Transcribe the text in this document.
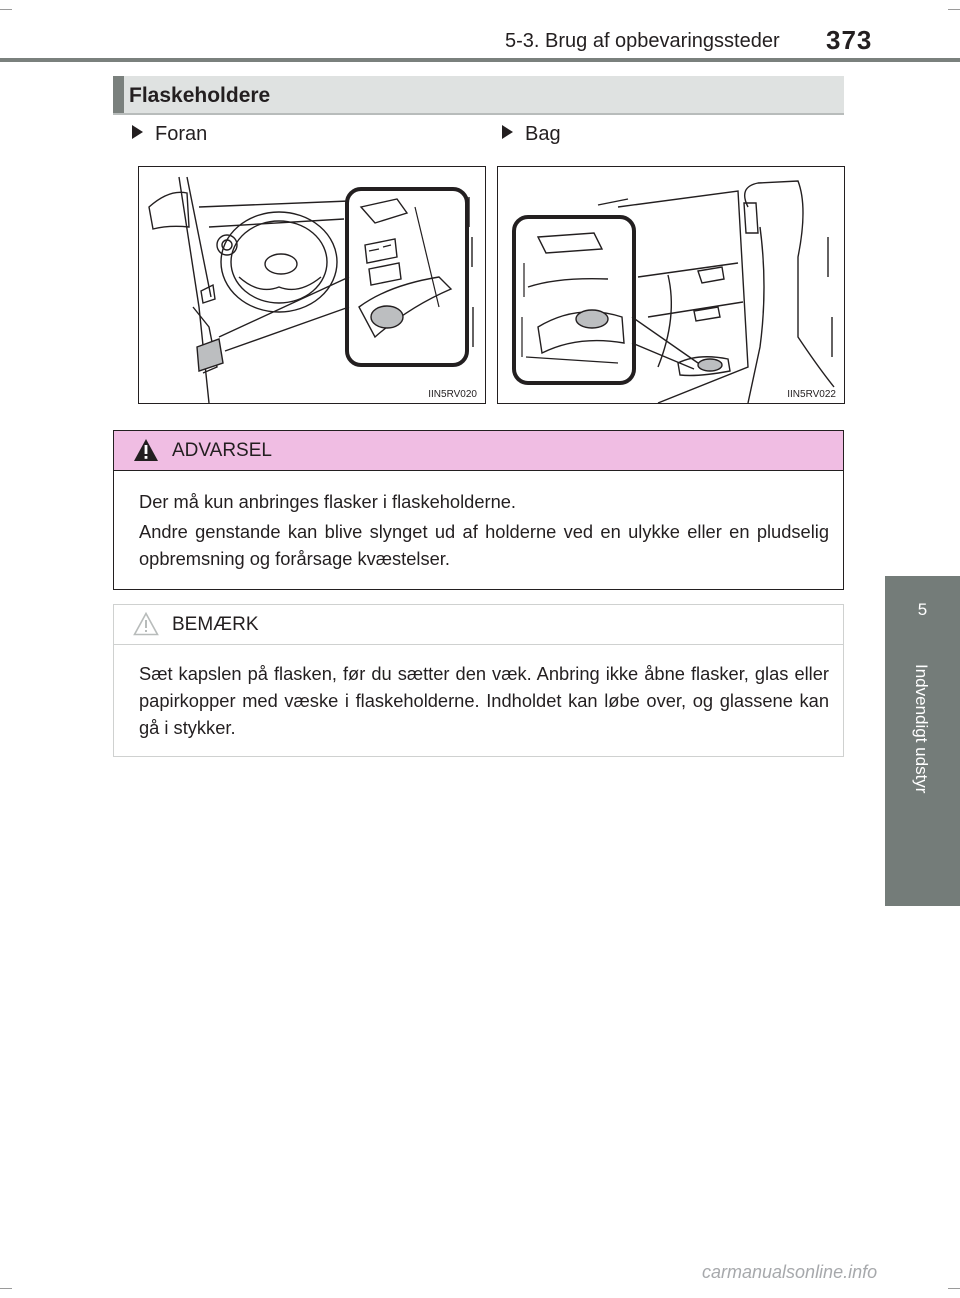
5-3. Brug af opbevaringssteder 373
5
Indvendigt udstyr
Flaskeholdere
Foran	Bag
IIN5RV020	IIN5RV022
ADVARSEL
Der må kun anbringes flasker i flaskeholderne.
Andre genstande kan blive slynget ud af holderne ved en ulykke eller en pludselig opbremsning og forårsage kvæstelser.
BEMÆRK
Sæt kapslen på flasken, før du sætter den væk. Anbring ikke åbne flasker, glas eller papirkopper med væske i flaskeholderne. Indholdet kan løbe over, og glassene kan gå i stykker.
carmanualsonline.info
